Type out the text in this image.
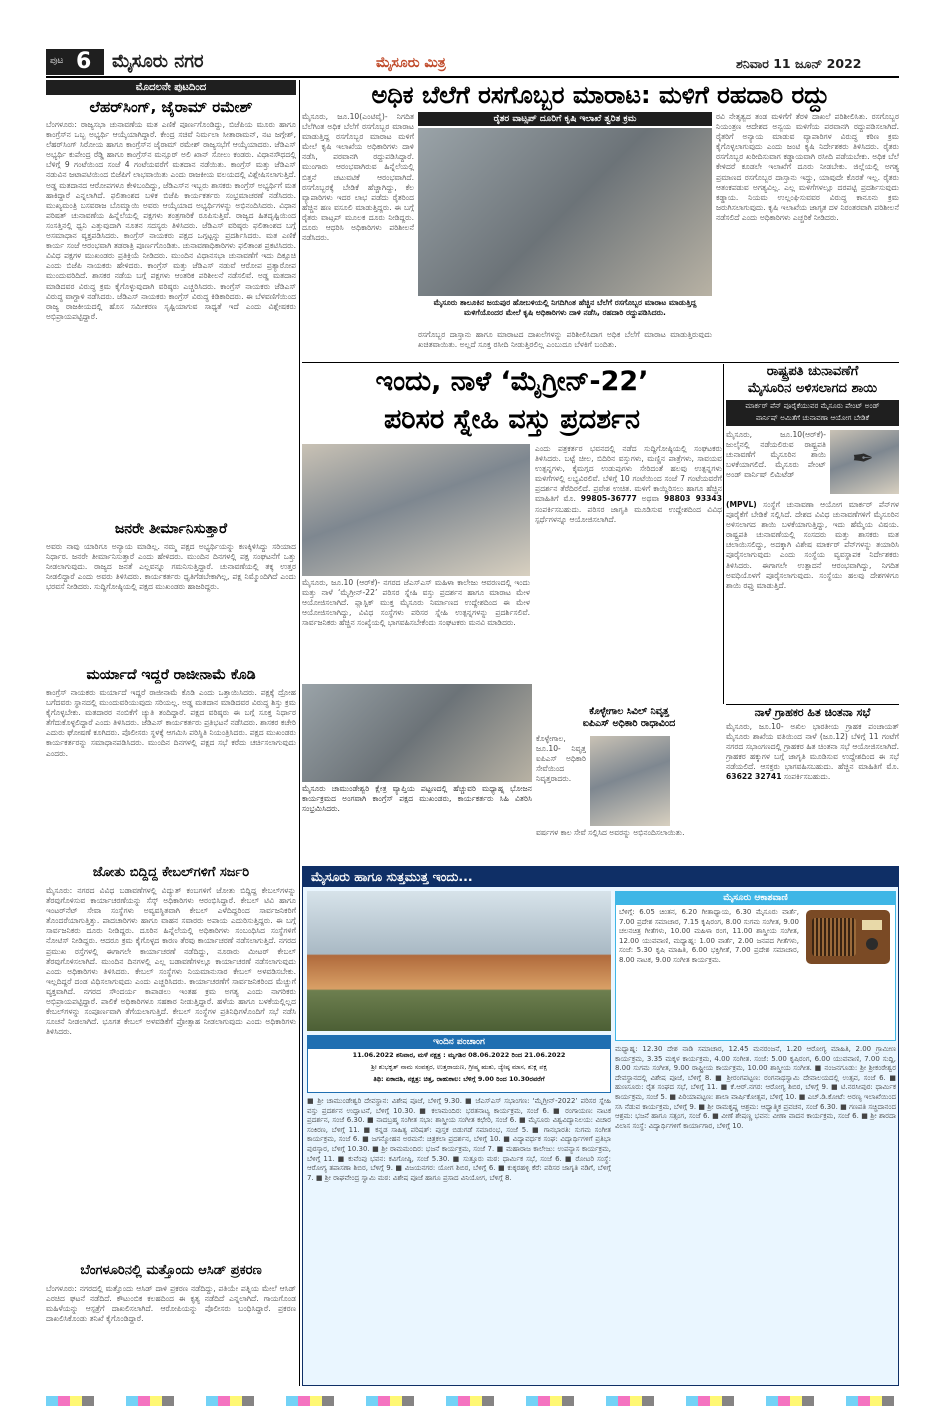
ಪುಟ 6 ಮೈಸೂರು ನಗರ	ಮೈಸೂರು ಮಿತ್ರ	ಶನಿವಾರ 11 ಜೂನ್ 2022
ಮೊದಲನೇ ಪುಟದಿಂದ
ಲೆಹರ್‌ಸಿಂಗ್, ಜೈರಾಮ್ ರಮೇಶ್
ಬೆಂಗಳೂರು: ರಾಜ್ಯಸಭಾ ಚುನಾವಣೆಯ ಮತ ಎಣಿಕೆ ಪೂರ್ಣಗೊಂಡಿದ್ದು, ಬಿಜೆಪಿಯ ಮೂರು ಹಾಗೂ ಕಾಂಗ್ರೆಸ್‌ನ ಒಬ್ಬ ಅಭ್ಯರ್ಥಿ ಆಯ್ಕೆಯಾಗಿದ್ದಾರೆ. ಕೇಂದ್ರ ಸಚಿವೆ ನಿರ್ಮಲಾ ಸೀತಾರಾಮನ್, ನಟ ಜಗ್ಗೇಶ್, ಲೆಹರ್‌ಸಿಂಗ್ ಸಿರೋಯ ಹಾಗೂ ಕಾಂಗ್ರೆಸ್‌ನ ಜೈರಾಮ್ ರಮೇಶ್ ರಾಜ್ಯಸಭೆಗೆ ಆಯ್ಕೆಯಾದರು. ಜೆಡಿಎಸ್ ಅಭ್ಯರ್ಥಿ ಕುಪೇಂದ್ರ ರೆಡ್ಡಿ ಹಾಗೂ ಕಾಂಗ್ರೆಸ್‌ನ ಮನ್ಸೂರ್ ಅಲಿ ಖಾನ್ ಸೋಲು ಕಂಡರು. ವಿಧಾನಸೌಧದಲ್ಲಿ ಬೆಳಿಗ್ಗೆ 9 ಗಂಟೆಯಿಂದ ಸಂಜೆ 4 ಗಂಟೆಯವರೆಗೆ ಮತದಾನ ನಡೆಯಿತು. ಕಾಂಗ್ರೆಸ್ ಮತ್ತು ಜೆಡಿಎಸ್ ನಡುವಿನ ಜಟಾಪಟಿಯಿಂದ ಬಿಜೆಪಿಗೆ ಲಾಭವಾಯಿತು ಎಂದು ರಾಜಕೀಯ ವಲಯದಲ್ಲಿ ವಿಶ್ಲೇಷಿಸಲಾಗುತ್ತಿದೆ. ಅಡ್ಡ ಮತದಾನದ ಆರೋಪಗಳೂ ಕೇಳಿಬಂದಿದ್ದು, ಜೆಡಿಎಸ್‌ನ ಇಬ್ಬರು ಶಾಸಕರು ಕಾಂಗ್ರೆಸ್ ಅಭ್ಯರ್ಥಿಗೆ ಮತ ಹಾಕಿದ್ದಾರೆ ಎನ್ನಲಾಗಿದೆ. ಫಲಿತಾಂಶದ ಬಳಿಕ ಬಿಜೆಪಿ ಕಾರ್ಯಕರ್ತರು ಸಂಭ್ರಮಾಚರಣೆ ನಡೆಸಿದರು. ಮುಖ್ಯಮಂತ್ರಿ ಬಸವರಾಜ ಬೊಮ್ಮಾಯಿ ಅವರು ಆಯ್ಕೆಯಾದ ಅಭ್ಯರ್ಥಿಗಳನ್ನು ಅಭಿನಂದಿಸಿದರು. ವಿಧಾನ ಪರಿಷತ್ ಚುನಾವಣೆಯ ಹಿನ್ನೆಲೆಯಲ್ಲಿ ಪಕ್ಷಗಳು ತಂತ್ರಗಾರಿಕೆ ರೂಪಿಸುತ್ತಿವೆ. ರಾಜ್ಯದ ಹಿತದೃಷ್ಟಿಯಿಂದ ಸಂಸತ್ತಿನಲ್ಲಿ ಧ್ವನಿ ಎತ್ತುವುದಾಗಿ ನೂತನ ಸದಸ್ಯರು ತಿಳಿಸಿದರು. ಜೆಡಿಎಸ್ ವರಿಷ್ಠರು ಫಲಿತಾಂಶದ ಬಗ್ಗೆ ಅಸಮಾಧಾನ ವ್ಯಕ್ತಪಡಿಸಿದರು. ಕಾಂಗ್ರೆಸ್ ನಾಯಕರು ಪಕ್ಷದ ಒಗ್ಗಟ್ಟನ್ನು ಪ್ರದರ್ಶಿಸಿದರು. ಮತ ಎಣಿಕೆ ಕಾರ್ಯ ಸಂಜೆ ಆರಂಭವಾಗಿ ತಡರಾತ್ರಿ ಪೂರ್ಣಗೊಂಡಿತು. ಚುನಾವಣಾಧಿಕಾರಿಗಳು ಫಲಿತಾಂಶ ಪ್ರಕಟಿಸಿದರು. ವಿವಿಧ ಪಕ್ಷಗಳ ಮುಖಂಡರು ಪ್ರತಿಕ್ರಿಯೆ ನೀಡಿದರು. ಮುಂದಿನ ವಿಧಾನಸಭಾ ಚುನಾವಣೆಗೆ ಇದು ದಿಕ್ಸೂಚಿ ಎಂದು ಬಿಜೆಪಿ ನಾಯಕರು ಹೇಳಿದರು. ಕಾಂಗ್ರೆಸ್ ಮತ್ತು ಜೆಡಿಎಸ್ ನಡುವೆ ಆರೋಪ ಪ್ರತ್ಯಾರೋಪ ಮುಂದುವರಿದಿದೆ. ಶಾಸಕರ ನಡೆಯ ಬಗ್ಗೆ ಪಕ್ಷಗಳು ಆಂತರಿಕ ಪರಿಶೀಲನೆ ನಡೆಸಲಿವೆ. ಅಡ್ಡ ಮತದಾನ ಮಾಡಿದವರ ವಿರುದ್ಧ ಕ್ರಮ ಕೈಗೊಳ್ಳುವುದಾಗಿ ವರಿಷ್ಠರು ಎಚ್ಚರಿಸಿದರು. ಕಾಂಗ್ರೆಸ್ ನಾಯಕರು ಜೆಡಿಎಸ್ ವಿರುದ್ಧ ವಾಗ್ದಾಳಿ ನಡೆಸಿದರು. ಜೆಡಿಎಸ್ ನಾಯಕರು ಕಾಂಗ್ರೆಸ್ ವಿರುದ್ಧ ಕಿಡಿಕಾರಿದರು. ಈ ಬೆಳವಣಿಗೆಯಿಂದ ರಾಜ್ಯ ರಾಜಕೀಯದಲ್ಲಿ ಹೊಸ ಸಮೀಕರಣ ಸೃಷ್ಟಿಯಾಗುವ ಸಾಧ್ಯತೆ ಇದೆ ಎಂದು ವಿಶ್ಲೇಷಕರು ಅಭಿಪ್ರಾಯಪಟ್ಟಿದ್ದಾರೆ.
ಜನರೇ ತೀರ್ಮಾನಿಸುತ್ತಾರೆ
ಅವರು ನಾವು ಯಾರಿಗೂ ಅನ್ಯಾಯ ಮಾಡಿಲ್ಲ. ನಮ್ಮ ಪಕ್ಷದ ಅಭ್ಯರ್ಥಿಯನ್ನು ಕಣಕ್ಕಿಳಿಸಿದ್ದು ಸರಿಯಾದ ನಿರ್ಧಾರ. ಜನರೇ ತೀರ್ಮಾನಿಸುತ್ತಾರೆ ಎಂದು ಹೇಳಿದರು. ಮುಂದಿನ ದಿನಗಳಲ್ಲಿ ಪಕ್ಷ ಸಂಘಟನೆಗೆ ಒತ್ತು ನೀಡಲಾಗುವುದು. ರಾಜ್ಯದ ಜನತೆ ಎಲ್ಲವನ್ನೂ ಗಮನಿಸುತ್ತಿದ್ದಾರೆ. ಚುನಾವಣೆಯಲ್ಲಿ ತಕ್ಕ ಉತ್ತರ ನೀಡಲಿದ್ದಾರೆ ಎಂದು ಅವರು ತಿಳಿಸಿದರು. ಕಾರ್ಯಕರ್ತರು ಧೃತಿಗೆಡಬೇಕಾಗಿಲ್ಲ, ಪಕ್ಷ ನಿಮ್ಮೊಂದಿಗಿದೆ ಎಂದು ಭರವಸೆ ನೀಡಿದರು. ಸುದ್ದಿಗೋಷ್ಠಿಯಲ್ಲಿ ಪಕ್ಷದ ಮುಖಂಡರು ಹಾಜರಿದ್ದರು.
ಮರ್ಯಾದೆ ಇದ್ದರೆ ರಾಜೀನಾಮೆ ಕೊಡಿ
ಕಾಂಗ್ರೆಸ್ ನಾಯಕರು ಮರ್ಯಾದೆ ಇದ್ದರೆ ರಾಜೀನಾಮೆ ಕೊಡಿ ಎಂದು ಒತ್ತಾಯಿಸಿದರು. ಪಕ್ಷಕ್ಕೆ ದ್ರೋಹ ಬಗೆದವರು ಸ್ಥಾನದಲ್ಲಿ ಮುಂದುವರಿಯುವುದು ಸರಿಯಲ್ಲ. ಅಡ್ಡ ಮತದಾನ ಮಾಡಿದವರ ವಿರುದ್ಧ ಶಿಸ್ತು ಕ್ರಮ ಕೈಗೊಳ್ಳಬೇಕು. ಮತದಾರರ ನಂಬಿಕೆಗೆ ಚ್ಯುತಿ ತಂದಿದ್ದಾರೆ. ಪಕ್ಷದ ವರಿಷ್ಠರು ಈ ಬಗ್ಗೆ ಸೂಕ್ತ ನಿರ್ಧಾರ ತೆಗೆದುಕೊಳ್ಳಲಿದ್ದಾರೆ ಎಂದು ತಿಳಿಸಿದರು. ಜೆಡಿಎಸ್ ಕಾರ್ಯಕರ್ತರು ಪ್ರತಿಭಟನೆ ನಡೆಸಿದರು. ಶಾಸಕರ ಕಚೇರಿ ಎದುರು ಘೋಷಣೆ ಕೂಗಿದರು. ಪೊಲೀಸರು ಸ್ಥಳಕ್ಕೆ ಆಗಮಿಸಿ ಪರಿಸ್ಥಿತಿ ನಿಯಂತ್ರಿಸಿದರು. ಪಕ್ಷದ ಮುಖಂಡರು ಕಾರ್ಯಕರ್ತರನ್ನು ಸಮಾಧಾನಪಡಿಸಿದರು. ಮುಂದಿನ ದಿನಗಳಲ್ಲಿ ಪಕ್ಷದ ಸಭೆ ಕರೆದು ಚರ್ಚಿಸಲಾಗುವುದು ಎಂದರು.
ಜೋತು ಬಿದ್ದಿದ್ದ ಕೇಬಲ್‌ಗಳಿಗೆ ಸರ್ಜರಿ
ಮೈಸೂರು: ನಗರದ ವಿವಿಧ ಬಡಾವಣೆಗಳಲ್ಲಿ ವಿದ್ಯುತ್ ಕಂಬಗಳಿಗೆ ಜೋತು ಬಿದ್ದಿದ್ದ ಕೇಬಲ್‌ಗಳನ್ನು ತೆರವುಗೊಳಿಸುವ ಕಾರ್ಯಾಚರಣೆಯನ್ನು ಸೆಸ್ಕ್ ಅಧಿಕಾರಿಗಳು ಆರಂಭಿಸಿದ್ದಾರೆ. ಕೇಬಲ್ ಟಿವಿ ಹಾಗೂ ಇಂಟರ್‌ನೆಟ್ ಸೇವಾ ಸಂಸ್ಥೆಗಳು ಅವ್ಯವಸ್ಥಿತವಾಗಿ ಕೇಬಲ್ ಎಳೆದಿದ್ದರಿಂದ ಸಾರ್ವಜನಿಕರಿಗೆ ತೊಂದರೆಯಾಗುತ್ತಿತ್ತು. ಪಾದಚಾರಿಗಳು ಹಾಗೂ ವಾಹನ ಸವಾರರು ಅಪಾಯ ಎದುರಿಸುತ್ತಿದ್ದರು. ಈ ಬಗ್ಗೆ ಸಾರ್ವಜನಿಕರು ದೂರು ನೀಡಿದ್ದರು. ದೂರಿನ ಹಿನ್ನೆಲೆಯಲ್ಲಿ ಅಧಿಕಾರಿಗಳು ಸಂಬಂಧಿಸಿದ ಸಂಸ್ಥೆಗಳಿಗೆ ನೋಟಿಸ್ ನೀಡಿದ್ದರು. ಆದರೂ ಕ್ರಮ ಕೈಗೊಳ್ಳದ ಕಾರಣ ತೆರವು ಕಾರ್ಯಾಚರಣೆ ನಡೆಸಲಾಗುತ್ತಿದೆ. ನಗರದ ಪ್ರಮುಖ ರಸ್ತೆಗಳಲ್ಲಿ ಈಗಾಗಲೇ ಕಾರ್ಯಾಚರಣೆ ನಡೆದಿದ್ದು, ನೂರಾರು ಮೀಟರ್ ಕೇಬಲ್ ತೆರವುಗೊಳಿಸಲಾಗಿದೆ. ಮುಂದಿನ ದಿನಗಳಲ್ಲಿ ಎಲ್ಲ ಬಡಾವಣೆಗಳಲ್ಲೂ ಕಾರ್ಯಾಚರಣೆ ನಡೆಸಲಾಗುವುದು ಎಂದು ಅಧಿಕಾರಿಗಳು ತಿಳಿಸಿದರು. ಕೇಬಲ್ ಸಂಸ್ಥೆಗಳು ನಿಯಮಾನುಸಾರ ಕೇಬಲ್ ಅಳವಡಿಸಬೇಕು. ಇಲ್ಲದಿದ್ದರೆ ದಂಡ ವಿಧಿಸಲಾಗುವುದು ಎಂದು ಎಚ್ಚರಿಸಿದರು. ಕಾರ್ಯಾಚರಣೆಗೆ ಸಾರ್ವಜನಿಕರಿಂದ ಮೆಚ್ಚುಗೆ ವ್ಯಕ್ತವಾಗಿದೆ. ನಗರದ ಸೌಂದರ್ಯ ಕಾಪಾಡಲು ಇಂತಹ ಕ್ರಮ ಅಗತ್ಯ ಎಂದು ನಾಗರಿಕರು ಅಭಿಪ್ರಾಯಪಟ್ಟಿದ್ದಾರೆ. ಪಾಲಿಕೆ ಅಧಿಕಾರಿಗಳೂ ಸಹಕಾರ ನೀಡುತ್ತಿದ್ದಾರೆ. ಹಳೆಯ ಹಾಗೂ ಬಳಕೆಯಲ್ಲಿಲ್ಲದ ಕೇಬಲ್‌ಗಳನ್ನು ಸಂಪೂರ್ಣವಾಗಿ ತೆಗೆಯಲಾಗುತ್ತಿದೆ. ಕೇಬಲ್ ಸಂಸ್ಥೆಗಳ ಪ್ರತಿನಿಧಿಗಳೊಂದಿಗೆ ಸಭೆ ನಡೆಸಿ ಸೂಚನೆ ನೀಡಲಾಗಿದೆ. ಭೂಗತ ಕೇಬಲ್ ಅಳವಡಿಕೆಗೆ ಪ್ರೋತ್ಸಾಹ ನೀಡಲಾಗುವುದು ಎಂದು ಅಧಿಕಾರಿಗಳು ತಿಳಿಸಿದರು.
ಬೆಂಗಳೂರಿನಲ್ಲಿ ಮತ್ತೊಂದು ಆಸಿಡ್ ಪ್ರಕರಣ
ಬೆಂಗಳೂರು: ನಗರದಲ್ಲಿ ಮತ್ತೊಂದು ಆಸಿಡ್ ದಾಳಿ ಪ್ರಕರಣ ನಡೆದಿದ್ದು, ಪತಿಯೇ ಪತ್ನಿಯ ಮೇಲೆ ಆಸಿಡ್ ಎರಚಿದ ಘಟನೆ ನಡೆದಿದೆ. ಕೌಟುಂಬಿಕ ಕಲಹದಿಂದ ಈ ಕೃತ್ಯ ನಡೆದಿದೆ ಎನ್ನಲಾಗಿದೆ. ಗಾಯಗೊಂಡ ಮಹಿಳೆಯನ್ನು ಆಸ್ಪತ್ರೆಗೆ ದಾಖಲಿಸಲಾಗಿದೆ. ಆರೋಪಿಯನ್ನು ಪೊಲೀಸರು ಬಂಧಿಸಿದ್ದಾರೆ. ಪ್ರಕರಣ ದಾಖಲಿಸಿಕೊಂಡು ತನಿಖೆ ಕೈಗೊಂಡಿದ್ದಾರೆ.
ಅಧಿಕ ಬೆಲೆಗೆ ರಸಗೊಬ್ಬರ ಮಾರಾಟ: ಮಳಿಗೆ ರಹದಾರಿ ರದ್ದು
ರೈತರ ವಾಟ್ಸಪ್ ದೂರಿಗೆ ಕೃಷಿ ಇಲಾಖೆ ತ್ವರಿತ ಕ್ರಮ
ಮೈಸೂರು, ಜೂ.10(ಎಂಟಿವೈ)- ನಿಗದಿತ ಬೆಲೆಗಿಂತ ಅಧಿಕ ಬೆಲೆಗೆ ರಸಗೊಬ್ಬರ ಮಾರಾಟ ಮಾಡುತ್ತಿದ್ದ ರಸಗೊಬ್ಬರ ಮಾರಾಟ ಮಳಿಗೆ ಮೇಲೆ ಕೃಷಿ ಇಲಾಖೆಯ ಅಧಿಕಾರಿಗಳು ದಾಳಿ ನಡೆಸಿ, ಪರವಾನಗಿ ರದ್ದುಪಡಿಸಿದ್ದಾರೆ. ಮುಂಗಾರು ಆರಂಭವಾಗಿರುವ ಹಿನ್ನೆಲೆಯಲ್ಲಿ ಬಿತ್ತನೆ ಚಟುವಟಿಕೆ ಆರಂಭವಾಗಿದೆ. ರಸಗೊಬ್ಬರಕ್ಕೆ ಬೇಡಿಕೆ ಹೆಚ್ಚಾಗಿದ್ದು, ಕೆಲ ವ್ಯಾಪಾರಿಗಳು ಇದರ ಲಾಭ ಪಡೆದು ರೈತರಿಂದ ಹೆಚ್ಚಿನ ಹಣ ವಸೂಲಿ ಮಾಡುತ್ತಿದ್ದರು. ಈ ಬಗ್ಗೆ ರೈತರು ವಾಟ್ಸಪ್ ಮೂಲಕ ದೂರು ನೀಡಿದ್ದರು. ದೂರು ಆಧರಿಸಿ ಅಧಿಕಾರಿಗಳು ಪರಿಶೀಲನೆ ನಡೆಸಿದರು.
ಮೈಸೂರು ತಾಲೂಕಿನ ಜಯಪುರ ಹೋಬಳಿಯಲ್ಲಿ ನಿಗದಿಗಿಂತ ಹೆಚ್ಚಿನ ಬೆಲೆಗೆ ರಸಗೊಬ್ಬರ ಮಾರಾಟ ಮಾಡುತ್ತಿದ್ದ ಮಳಿಗೆಯೊಂದರ ಮೇಲೆ ಕೃಷಿ ಅಧಿಕಾರಿಗಳು ದಾಳಿ ನಡೆಸಿ, ರಹದಾರಿ ರದ್ದುಪಡಿಸಿದರು.
ರಸಗೊಬ್ಬರ ದಾಸ್ತಾನು ಹಾಗೂ ಮಾರಾಟದ ದಾಖಲೆಗಳನ್ನು ಪರಿಶೀಲಿಸಿದಾಗ ಅಧಿಕ ಬೆಲೆಗೆ ಮಾರಾಟ ಮಾಡುತ್ತಿರುವುದು ಖಚಿತವಾಯಿತು. ಅಲ್ಲದೆ ಸೂಕ್ತ ರಸೀದಿ ನೀಡುತ್ತಿರಲಿಲ್ಲ ಎಂಬುದೂ ಬೆಳಕಿಗೆ ಬಂದಿತು.
ರವಿ ನೇತೃತ್ವದ ತಂಡ ಮಳಿಗೆಗೆ ತೆರಳಿ ದಾಖಲೆ ಪರಿಶೀಲಿಸಿತು. ರಸಗೊಬ್ಬರ ನಿಯಂತ್ರಣ ಆದೇಶದ ಅನ್ವಯ ಮಳಿಗೆಯ ಪರವಾನಗಿ ರದ್ದುಪಡಿಸಲಾಗಿದೆ. ರೈತರಿಗೆ ಅನ್ಯಾಯ ಮಾಡುವ ವ್ಯಾಪಾರಿಗಳ ವಿರುದ್ಧ ಕಠಿಣ ಕ್ರಮ ಕೈಗೊಳ್ಳಲಾಗುವುದು ಎಂದು ಜಂಟಿ ಕೃಷಿ ನಿರ್ದೇಶಕರು ತಿಳಿಸಿದರು. ರೈತರು ರಸಗೊಬ್ಬರ ಖರೀದಿಸುವಾಗ ಕಡ್ಡಾಯವಾಗಿ ರಸೀದಿ ಪಡೆಯಬೇಕು. ಅಧಿಕ ಬೆಲೆ ಕೇಳಿದರೆ ಕೂಡಲೇ ಇಲಾಖೆಗೆ ದೂರು ನೀಡಬೇಕು. ಜಿಲ್ಲೆಯಲ್ಲಿ ಅಗತ್ಯ ಪ್ರಮಾಣದ ರಸಗೊಬ್ಬರ ದಾಸ್ತಾನು ಇದ್ದು, ಯಾವುದೇ ಕೊರತೆ ಇಲ್ಲ. ರೈತರು ಆತಂಕಪಡುವ ಅಗತ್ಯವಿಲ್ಲ. ಎಲ್ಲ ಮಳಿಗೆಗಳಲ್ಲೂ ದರಪಟ್ಟಿ ಪ್ರದರ್ಶಿಸುವುದು ಕಡ್ಡಾಯ. ನಿಯಮ ಉಲ್ಲಂಘಿಸುವವರ ವಿರುದ್ಧ ಕಾನೂನು ಕ್ರಮ ಜರುಗಿಸಲಾಗುವುದು. ಕೃಷಿ ಇಲಾಖೆಯ ಜಾಗೃತ ದಳ ನಿರಂತರವಾಗಿ ಪರಿಶೀಲನೆ ನಡೆಸಲಿದೆ ಎಂದು ಅಧಿಕಾರಿಗಳು ಎಚ್ಚರಿಕೆ ನೀಡಿದರು.
ಇಂದು, ನಾಳೆ ‘ಮೈಗ್ರೀನ್-22’
ಪರಿಸರ ಸ್ನೇಹಿ ವಸ್ತು ಪ್ರದರ್ಶನ
ಮೈಸೂರು, ಜೂ.10 (ಆರ್‌ಕೆ)- ನಗರದ ಜೆಎಸ್‌ಎಸ್ ಮಹಿಳಾ ಕಾಲೇಜು ಆವರಣದಲ್ಲಿ ಇಂದು ಮತ್ತು ನಾಳೆ ‘ಮೈಗ್ರೀನ್-22’ ಪರಿಸರ ಸ್ನೇಹಿ ವಸ್ತು ಪ್ರದರ್ಶನ ಹಾಗೂ ಮಾರಾಟ ಮೇಳ ಆಯೋಜಿಸಲಾಗಿದೆ. ಪ್ಲಾಸ್ಟಿಕ್ ಮುಕ್ತ ಮೈಸೂರು ನಿರ್ಮಾಣದ ಉದ್ದೇಶದಿಂದ ಈ ಮೇಳ ಆಯೋಜಿಸಲಾಗಿದ್ದು, ವಿವಿಧ ಸಂಸ್ಥೆಗಳು ಪರಿಸರ ಸ್ನೇಹಿ ಉತ್ಪನ್ನಗಳನ್ನು ಪ್ರದರ್ಶಿಸಲಿವೆ. ಸಾರ್ವಜನಿಕರು ಹೆಚ್ಚಿನ ಸಂಖ್ಯೆಯಲ್ಲಿ ಭಾಗವಹಿಸಬೇಕೆಂದು ಸಂಘಟಕರು ಮನವಿ ಮಾಡಿದರು.
ಎಂದು ಪತ್ರಕರ್ತರ ಭವನದಲ್ಲಿ ನಡೆದ ಸುದ್ದಿಗೋಷ್ಠಿಯಲ್ಲಿ ಸಂಘಟಕರು ತಿಳಿಸಿದರು. ಬಟ್ಟೆ ಚೀಲ, ಬಿದಿರಿನ ವಸ್ತುಗಳು, ಮಣ್ಣಿನ ಪಾತ್ರೆಗಳು, ಸಾವಯವ ಉತ್ಪನ್ನಗಳು, ಕೈಮಗ್ಗದ ಉಡುಪುಗಳು ಸೇರಿದಂತೆ ಹಲವು ಉತ್ಪನ್ನಗಳು ಮಳಿಗೆಗಳಲ್ಲಿ ಲಭ್ಯವಿರಲಿವೆ. ಬೆಳಿಗ್ಗೆ 10 ಗಂಟೆಯಿಂದ ಸಂಜೆ 7 ಗಂಟೆಯವರೆಗೆ ಪ್ರದರ್ಶನ ತೆರೆದಿರಲಿದೆ. ಪ್ರವೇಶ ಉಚಿತ. ಮಳಿಗೆ ಕಾಯ್ದಿರಿಸಲು ಹಾಗೂ ಹೆಚ್ಚಿನ ಮಾಹಿತಿಗೆ ಮೊ. 99805-36777 ಅಥವಾ 98803 93343 ಸಂಪರ್ಕಿಸಬಹುದು. ಪರಿಸರ ಜಾಗೃತಿ ಮೂಡಿಸುವ ಉದ್ದೇಶದಿಂದ ವಿವಿಧ ಸ್ಪರ್ಧೆಗಳನ್ನೂ ಆಯೋಜಿಸಲಾಗಿದೆ.
ಮೈಸೂರು ಚಾಮುಂಡೇಶ್ವರಿ ಕ್ಷೇತ್ರ ವ್ಯಾಪ್ತಿಯ ಪಟ್ಟಣದಲ್ಲಿ ಹೆಚ್ಚುವರಿ ಮಧ್ಯಾಹ್ನ ಭೋಜನ ಕಾರ್ಯಕ್ರಮದ ಅಂಗವಾಗಿ ಕಾಂಗ್ರೆಸ್ ಪಕ್ಷದ ಮುಖಂಡರು, ಕಾರ್ಯಕರ್ತರು ಸಿಹಿ ವಿತರಿಸಿ ಸಂಭ್ರಮಿಸಿದರು.
ಕೊಳ್ಳೇಗಾಲ ಸಿವಿಲ್ ನಿವೃತ್ತ
ಐಪಿಎಸ್ ಅಧಿಕಾರಿ ರಾಧಾವಿಂದ
ಕೊಳ್ಳೇಗಾಲ, ಜೂ.10- ನಿವೃತ್ತ ಐಪಿಎಸ್ ಅಧಿಕಾರಿ ಸೇವೆಯಿಂದ ನಿವೃತ್ತರಾದರು.
ವರ್ಷಗಳ ಕಾಲ ಸೇವೆ ಸಲ್ಲಿಸಿದ ಅವರನ್ನು ಅಭಿನಂದಿಸಲಾಯಿತು.
ರಾಷ್ಟ್ರಪತಿ ಚುನಾವಣೆಗೆ
ಮೈಸೂರಿನ ಅಳಿಸಲಾಗದ ಶಾಯಿ
ಮಾರ್ಕರ್ ಪೆನ್ ಪೂರೈಕೆಯುವರ ಮೈಸೂರು ಪೇಂಟ್ ಅಂಡ್
ವಾರ್ನಿಷ್ ಅಮಿತೆಗೆ ಚುನಾವಣಾ ಆಯೋಗ ಬೇಡಿಕೆ
ಮೈಸೂರು, ಜೂ.10(ಆರ್‌ಕೆ)- ಜುಲೈನಲ್ಲಿ ನಡೆಯಲಿರುವ ರಾಷ್ಟ್ರಪತಿ ಚುನಾವಣೆಗೆ ಮೈಸೂರಿನ ಶಾಯಿ ಬಳಕೆಯಾಗಲಿದೆ. ಮೈಸೂರು ಪೇಂಟ್ ಅಂಡ್ ವಾರ್ನಿಷ್ ಲಿಮಿಟೆಡ್
✒
(MPVL) ಸಂಸ್ಥೆಗೆ ಚುನಾವಣಾ ಆಯೋಗ ಮಾರ್ಕರ್ ಪೆನ್‌ಗಳ ಪೂರೈಕೆಗೆ ಬೇಡಿಕೆ ಸಲ್ಲಿಸಿದೆ. ದೇಶದ ವಿವಿಧ ಚುನಾವಣೆಗಳಿಗೆ ಮೈಸೂರಿನ ಅಳಿಸಲಾಗದ ಶಾಯಿ ಬಳಕೆಯಾಗುತ್ತಿದ್ದು, ಇದು ಹೆಮ್ಮೆಯ ವಿಷಯ. ರಾಷ್ಟ್ರಪತಿ ಚುನಾವಣೆಯಲ್ಲಿ ಸಂಸದರು ಮತ್ತು ಶಾಸಕರು ಮತ ಚಲಾಯಿಸಲಿದ್ದು, ಅದಕ್ಕಾಗಿ ವಿಶೇಷ ಮಾರ್ಕರ್ ಪೆನ್‌ಗಳನ್ನು ತಯಾರಿಸಿ ಪೂರೈಸಲಾಗುವುದು ಎಂದು ಸಂಸ್ಥೆಯ ವ್ಯವಸ್ಥಾಪಕ ನಿರ್ದೇಶಕರು ತಿಳಿಸಿದರು. ಈಗಾಗಲೇ ಉತ್ಪಾದನೆ ಆರಂಭವಾಗಿದ್ದು, ನಿಗದಿತ ಅವಧಿಯೊಳಗೆ ಪೂರೈಸಲಾಗುವುದು. ಸಂಸ್ಥೆಯು ಹಲವು ದೇಶಗಳಿಗೂ ಶಾಯಿ ರಫ್ತು ಮಾಡುತ್ತಿದೆ.
ನಾಳೆ ಗ್ರಾಹಕರ ಹಿತ ಚಿಂತನಾ ಸಭೆ
ಮೈಸೂರು, ಜೂ.10- ಅಖಿಲ ಭಾರತೀಯ ಗ್ರಾಹಕ ಪಂಚಾಯತ್ ಮೈಸೂರು ಶಾಖೆಯ ವತಿಯಿಂದ ನಾಳೆ (ಜೂ.12) ಬೆಳಿಗ್ಗೆ 11 ಗಂಟೆಗೆ ನಗರದ ಸಭಾಂಗಣದಲ್ಲಿ ಗ್ರಾಹಕರ ಹಿತ ಚಿಂತನಾ ಸಭೆ ಆಯೋಜಿಸಲಾಗಿದೆ. ಗ್ರಾಹಕರ ಹಕ್ಕುಗಳ ಬಗ್ಗೆ ಜಾಗೃತಿ ಮೂಡಿಸುವ ಉದ್ದೇಶದಿಂದ ಈ ಸಭೆ ನಡೆಯಲಿದೆ. ಆಸಕ್ತರು ಭಾಗವಹಿಸಬಹುದು. ಹೆಚ್ಚಿನ ಮಾಹಿತಿಗೆ ಮೊ. 63622 32741 ಸಂಪರ್ಕಿಸಬಹುದು.
ಮೈಸೂರು ಹಾಗೂ ಸುತ್ತಮುತ್ತ ಇಂದು...
ಇಂದಿನ ಪಂಚಾಂಗ
11.06.2022 ಶನಿವಾರ, ಮಳೆ ನಕ್ಷತ್ರ : ಮೃಗಶಿರ 08.06.2022 ರಿಂದ 21.06.2022
ಶ್ರೀ ಶುಭಕೃತ್ ನಾಮ ಸಂವತ್ಸರ, ಉತ್ತರಾಯಣ, ಗ್ರೀಷ್ಮ ಋತು, ಜ್ಯೇಷ್ಠ ಮಾಸ, ಶುಕ್ಲ ಪಕ್ಷ
ತಿಥಿ: ಏಕಾದಶಿ, ನಕ್ಷತ್ರ: ಚಿತ್ತ, ರಾಹುಕಾಲ: ಬೆಳಿಗ್ಗೆ 9.00 ರಿಂದ 10.30ರವರೆಗೆ
ಮೈಸೂರು ಆಕಾಶವಾಣಿ
ಬೆಳಿಗ್ಗೆ: 6.05 ಚಿಂತನ, 6.20 ಗೀತಾಧ್ಯಾಯ, 6.30 ಮೈಸೂರು ವಾರ್ತೆ, 7.00 ಪ್ರದೇಶ ಸಮಾಚಾರ, 7.15 ಕೃಷಿರಂಗ, 8.00 ಸುಗಮ ಸಂಗೀತ, 9.00 ಚಲನಚಿತ್ರ ಗೀತೆಗಳು, 10.00 ಮಹಿಳಾ ರಂಗ, 11.00 ಶಾಸ್ತ್ರೀಯ ಸಂಗೀತ, 12.00 ಯುವವಾಣಿ, ಮಧ್ಯಾಹ್ನ: 1.00 ವಾರ್ತೆ, 2.00 ಜನಪದ ಗೀತೆಗಳು, ಸಂಜೆ: 5.30 ಕೃಷಿ ಮಾಹಿತಿ, 6.00 ಭಕ್ತಿಗೀತೆ, 7.00 ಪ್ರದೇಶ ಸಮಾಚಾರ, 8.00 ನಾಟಕ, 9.00 ಸಂಗೀತ ಕಾರ್ಯಕ್ರಮ.
■ ಶ್ರೀ ಚಾಮುಂಡೇಶ್ವರಿ ದೇವಸ್ಥಾನ: ವಿಶೇಷ ಪೂಜೆ, ಬೆಳಿಗ್ಗೆ 9.30. ■ ಜೆಎಸ್‌ಎಸ್ ಸಭಾಂಗಣ: ‘ಮೈಗ್ರೀನ್-2022’ ಪರಿಸರ ಸ್ನೇಹಿ ವಸ್ತು ಪ್ರದರ್ಶನ ಉದ್ಘಾಟನೆ, ಬೆಳಿಗ್ಗೆ 10.30. ■ ಕಲಾಮಂದಿರ: ಭರತನಾಟ್ಯ ಕಾರ್ಯಕ್ರಮ, ಸಂಜೆ 6. ■ ರಂಗಾಯಣ: ನಾಟಕ ಪ್ರದರ್ಶನ, ಸಂಜೆ 6.30. ■ ನಾದಬ್ರಹ್ಮ ಸಂಗೀತ ಸಭಾ: ಶಾಸ್ತ್ರೀಯ ಸಂಗೀತ ಕಛೇರಿ, ಸಂಜೆ 6. ■ ಮೈಸೂರು ವಿಶ್ವವಿದ್ಯಾನಿಲಯ: ವಿಚಾರ ಸಂಕಿರಣ, ಬೆಳಿಗ್ಗೆ 11. ■ ಕನ್ನಡ ಸಾಹಿತ್ಯ ಪರಿಷತ್: ಪುಸ್ತಕ ಬಿಡುಗಡೆ ಸಮಾರಂಭ, ಸಂಜೆ 5. ■ ಗಾನಭಾರತಿ: ಸುಗಮ ಸಂಗೀತ ಕಾರ್ಯಕ್ರಮ, ಸಂಜೆ 6. ■ ಜಗನ್ಮೋಹನ ಅರಮನೆ: ಚಿತ್ರಕಲಾ ಪ್ರದರ್ಶನ, ಬೆಳಿಗ್ಗೆ 10. ■ ವಿದ್ಯಾವರ್ಧಕ ಸಂಘ: ವಿದ್ಯಾರ್ಥಿಗಳಿಗೆ ಪ್ರತಿಭಾ ಪುರಸ್ಕಾರ, ಬೆಳಿಗ್ಗೆ 10.30. ■ ಶ್ರೀ ರಾಮಮಂದಿರ: ಭಜನೆ ಕಾರ್ಯಕ್ರಮ, ಸಂಜೆ 7. ■ ಮಹಾರಾಜ ಕಾಲೇಜು: ಉಪನ್ಯಾಸ ಕಾರ್ಯಕ್ರಮ, ಬೆಳಿಗ್ಗೆ 11. ■ ಕುವೆಂಪು ಭವನ: ಕವಿಗೋಷ್ಠಿ, ಸಂಜೆ 5.30. ■ ಸುತ್ತೂರು ಮಠ: ಧಾರ್ಮಿಕ ಸಭೆ, ಸಂಜೆ 6. ■ ರೋಟರಿ ಸಂಸ್ಥೆ: ಆರೋಗ್ಯ ತಪಾಸಣಾ ಶಿಬಿರ, ಬೆಳಿಗ್ಗೆ 9. ■ ವಿಜಯನಗರ: ಯೋಗ ಶಿಬಿರ, ಬೆಳಿಗ್ಗೆ 6. ■ ಕುಕ್ಕರಹಳ್ಳಿ ಕೆರೆ: ಪರಿಸರ ಜಾಗೃತಿ ನಡಿಗೆ, ಬೆಳಿಗ್ಗೆ 7. ■ ಶ್ರೀ ರಾಘವೇಂದ್ರ ಸ್ವಾಮಿ ಮಠ: ವಿಶೇಷ ಪೂಜೆ ಹಾಗೂ ಪ್ರಸಾದ ವಿನಿಯೋಗ, ಬೆಳಿಗ್ಗೆ 8.
ಮಧ್ಯಾಹ್ನ: 12.30 ದೇಶ ನಾಡಿ ಸಮಾಚಾರ, 12.45 ಮನರಂಜನೆ, 1.20 ಆರೋಗ್ಯ ಮಾಹಿತಿ, 2.00 ಗ್ರಾಮೀಣ ಕಾರ್ಯಕ್ರಮ, 3.35 ಮಕ್ಕಳ ಕಾರ್ಯಕ್ರಮ, 4.00 ಸಂಗೀತ. ಸಂಜೆ: 5.00 ಕೃಷಿರಂಗ, 6.00 ಯುವವಾಣಿ, 7.00 ಸುದ್ದಿ, 8.00 ಸುಗಮ ಸಂಗೀತ, 9.00 ರಾಷ್ಟ್ರೀಯ ಕಾರ್ಯಕ್ರಮ, 10.00 ಶಾಸ್ತ್ರೀಯ ಸಂಗೀತ. ■ ನಂಜನಗೂಡು: ಶ್ರೀ ಶ್ರೀಕಂಠೇಶ್ವರ ದೇವಸ್ಥಾನದಲ್ಲಿ ವಿಶೇಷ ಪೂಜೆ, ಬೆಳಿಗ್ಗೆ 8. ■ ಶ್ರೀರಂಗಪಟ್ಟಣ: ರಂಗನಾಥಸ್ವಾಮಿ ದೇವಾಲಯದಲ್ಲಿ ಉತ್ಸವ, ಸಂಜೆ 6. ■ ಹುಣಸೂರು: ರೈತ ಸಂಘದ ಸಭೆ, ಬೆಳಿಗ್ಗೆ 11. ■ ಕೆ.ಆರ್.ನಗರ: ಆರೋಗ್ಯ ಶಿಬಿರ, ಬೆಳಿಗ್ಗೆ 9. ■ ಟಿ.ನರಸೀಪುರ: ಧಾರ್ಮಿಕ ಕಾರ್ಯಕ್ರಮ, ಸಂಜೆ 5. ■ ಪಿರಿಯಾಪಟ್ಟಣ: ಶಾಲಾ ವಾರ್ಷಿಕೋತ್ಸವ, ಬೆಳಿಗ್ಗೆ 10. ■ ಎಚ್.ಡಿ.ಕೋಟೆ: ಅರಣ್ಯ ಇಲಾಖೆಯಿಂದ ಸಸಿ ನೆಡುವ ಕಾರ್ಯಕ್ರಮ, ಬೆಳಿಗ್ಗೆ 9. ■ ಶ್ರೀ ರಾಮಕೃಷ್ಣ ಆಶ್ರಮ: ಆಧ್ಯಾತ್ಮಿಕ ಪ್ರವಚನ, ಸಂಜೆ 6.30. ■ ಗಣಪತಿ ಸಚ್ಚಿದಾನಂದ ಆಶ್ರಮ: ಭಜನೆ ಹಾಗೂ ಸತ್ಸಂಗ, ಸಂಜೆ 6. ■ ವೀಣೆ ಶೇಷಣ್ಣ ಭವನ: ವೀಣಾ ವಾದನ ಕಾರ್ಯಕ್ರಮ, ಸಂಜೆ 6. ■ ಶ್ರೀ ಶಾರದಾ ವಿಲಾಸ ಸಂಸ್ಥೆ: ವಿದ್ಯಾರ್ಥಿಗಳಿಗೆ ಕಾರ್ಯಾಗಾರ, ಬೆಳಿಗ್ಗೆ 10.
